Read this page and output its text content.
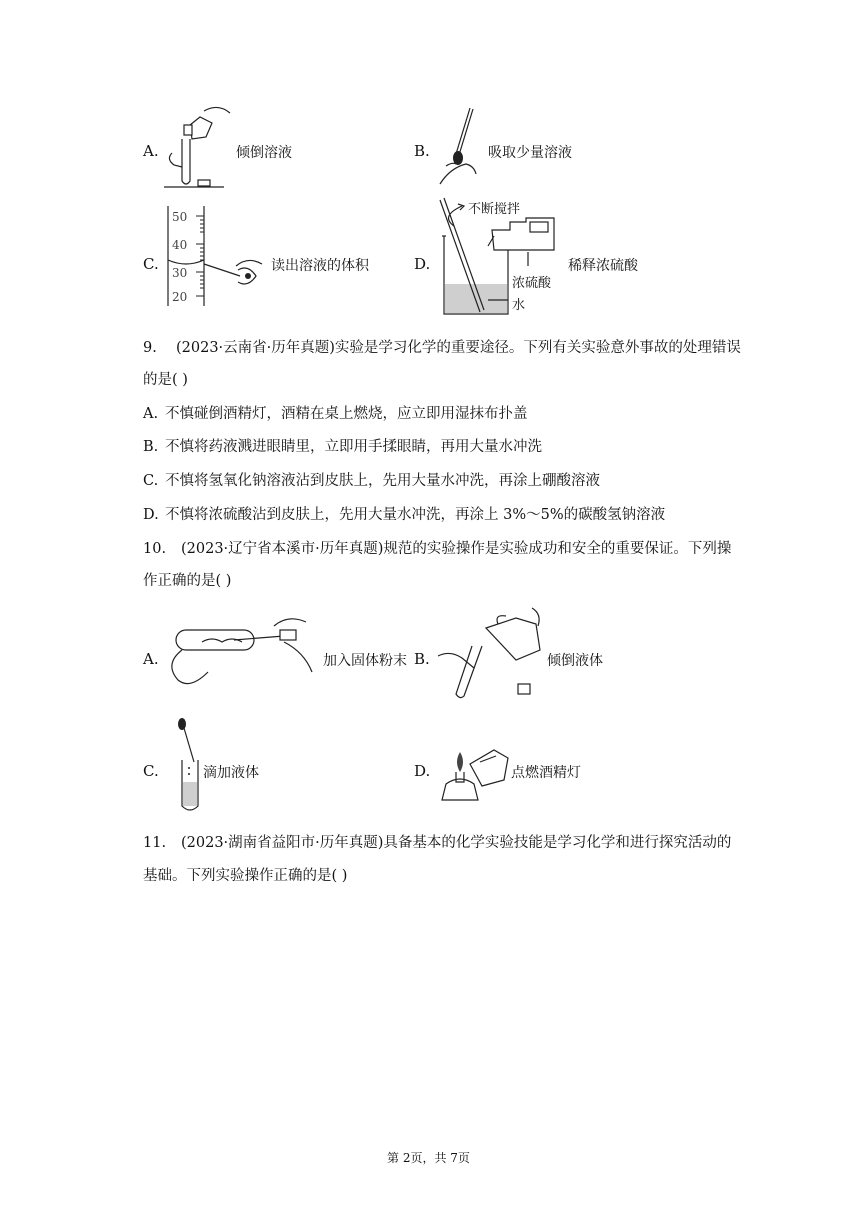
A.	倾倒溶液	B.	吸取少量溶液
C.
50
40
30
20
读出溶液的体积	D.
不断搅拌
浓硫酸
水
稀释浓硫酸
9. (2023·云南省·历年真题)实验是学习化学的重要途径。下列有关实验意外事故的处理错误
的是( )
A. 不慎碰倒酒精灯，酒精在桌上燃烧，应立即用湿抹布扑盖
B. 不慎将药液溅进眼睛里，立即用手揉眼睛，再用大量水冲洗
C. 不慎将氢氧化钠溶液沾到皮肤上，先用大量水冲洗，再涂上硼酸溶液
D. 不慎将浓硫酸沾到皮肤上，先用大量水冲洗，再涂上 3%～5%的碳酸氢钠溶液
10. (2023·辽宁省本溪市·历年真题)规范的实验操作是实验成功和安全的重要保证。下列操
作正确的是( )
A.	加入固体粉末 B.	倾倒液体
C.	滴加液体	D.	点燃酒精灯
11. (2023·湖南省益阳市·历年真题)具备基本的化学实验技能是学习化学和进行探究活动的
基础。下列实验操作正确的是( )
第 2页，共 7页
